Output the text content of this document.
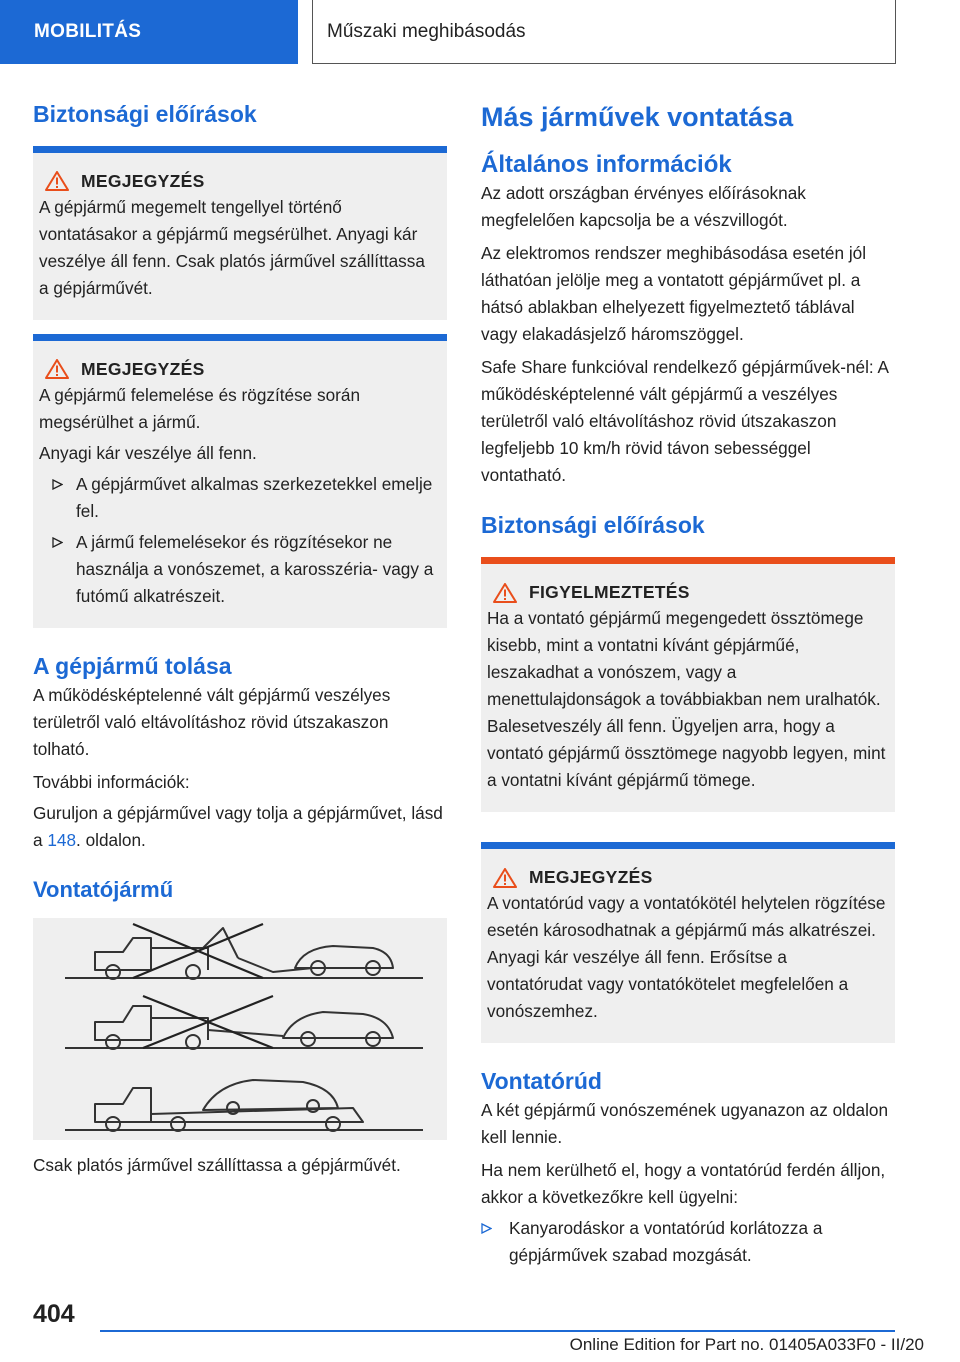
MOBILITÁS	Műszaki meghibásodás
Biztonsági előírások
MEGJEGYZÉS

A gépjármű megemelt tengellyel történő vontatásakor a gépjármű megsérülhet. Anyagi kár veszélye áll fenn. Csak platós járművel szállíttassa a gépjárművét.

MEGJEGYZÉS

A gépjármű felemelése és rögzítése során megsérülhet a jármű.

Anyagi kár veszélye áll fenn.

A gépjárművet alkalmas szerkezetekkel emelje fel.
A jármű felemelésekor és rögzítésekor ne használja a vonószemet, a karosszéria- vagy a futómű alkatrészeit.
A gépjármű tolása

A működésképtelenné vált gépjármű veszélyes területről való eltávolításhoz rövid útszakaszon tolható.

További információk:

Guruljon a gépjárművel vagy tolja a gépjárművet, lásd a 148. oldalon.

Vontatójármű

Csak platós járművel szállíttassa a gépjárművét.

Más járművek vontatása
Általános információk

Az adott országban érvényes előírásoknak megfelelően kapcsolja be a vészvillogót.

Az elektromos rendszer meghibásodása esetén jól láthatóan jelölje meg a vontatott gépjárművet pl. a hátsó ablakban elhelyezett figyelmeztető táblával vagy elakadásjelző háromszöggel.

Safe Share funkcióval rendelkező gépjárművek-nél: A működésképtelenné vált gépjármű a veszélyes területről való eltávolításhoz rövid útszakaszon legfeljebb 10 km/h rövid távon sebességgel vontatható.

Biztonsági előírások
FIGYELMEZTETÉS

Ha a vontató gépjármű megengedett össztömege kisebb, mint a vontatni kívánt gépjárműé, leszakadhat a vonószem, vagy a menettulajdonságok a továbbiakban nem uralhatók. Balesetveszély áll fenn. Ügyeljen arra, hogy a vontató gépjármű össztömege nagyobb legyen, mint a vontatni kívánt gépjármű tömege.

MEGJEGYZÉS

A vontatórúd vagy a vontatókötél helytelen rögzítése esetén károsodhatnak a gépjármű más alkatrészei. Anyagi kár veszélye áll fenn. Erősítse a vontatórudat vagy vontatókötelet megfelelően a vonószemhez.

Vontatórúd

A két gépjármű vonószemének ugyanazon az oldalon kell lennie.

Ha nem kerülhető el, hogy a vontatórúd ferdén álljon, akkor a következőkre kell ügyelni:

Kanyarodáskor a vontatórúd korlátozza a gépjárművek szabad mozgását.
404
Online Edition for Part no. 01405A033F0 - II/20
